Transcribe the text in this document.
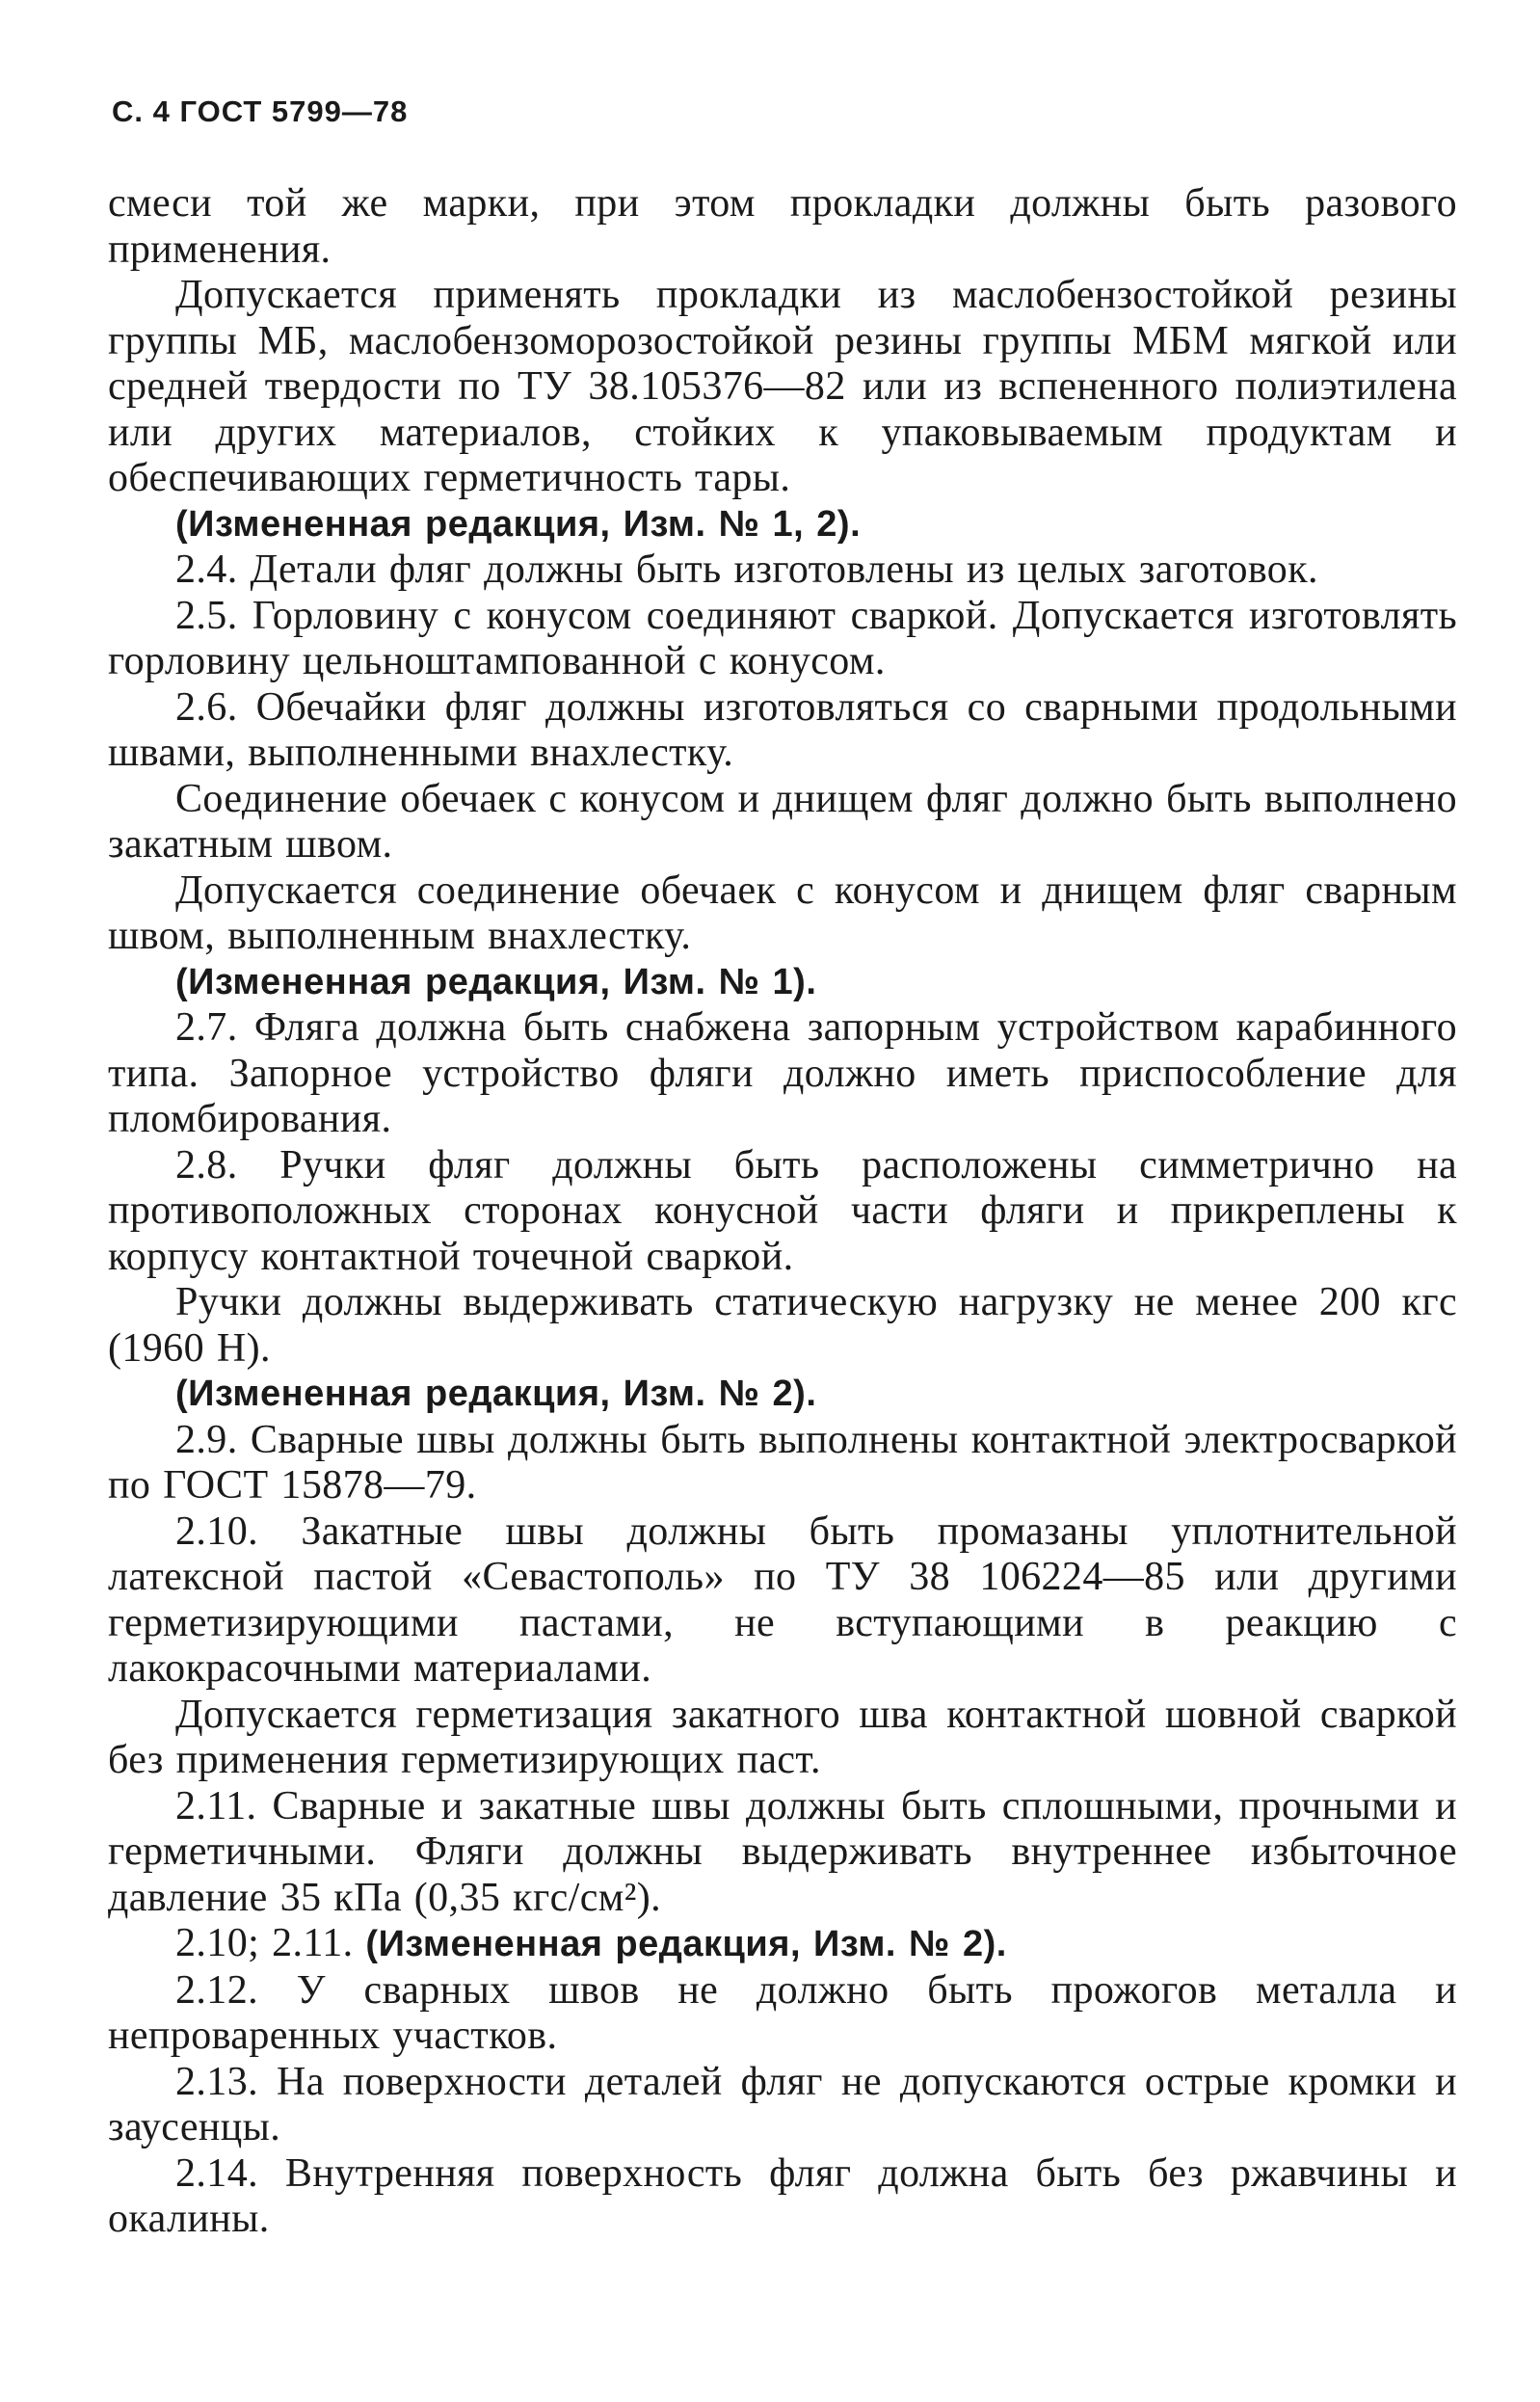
С. 4 ГОСТ 5799—78

смеси той же марки, при этом прокладки должны быть разового применения.

Допускается применять прокладки из маслобензостойкой резины группы МБ, маслобензоморозостойкой резины группы МБМ мягкой или средней твердости по ТУ 38.105376—82 или из вспененного полиэтилена или других материалов, стойких к упаковываемым продуктам и обеспечивающих герметичность тары.

(Измененная редакция, Изм. № 1, 2).

2.4. Детали фляг должны быть изготовлены из целых заготовок.

2.5. Горловину с конусом соединяют сваркой. Допускается изготовлять горловину цельноштампованной с конусом.

2.6. Обечайки фляг должны изготовляться со сварными продольными швами, выполненными внахлестку.

Соединение обечаек с конусом и днищем фляг должно быть выполнено закатным швом.

Допускается соединение обечаек с конусом и днищем фляг сварным швом, выполненным внахлестку.

(Измененная редакция, Изм. № 1).

2.7. Фляга должна быть снабжена запорным устройством карабинного типа. Запорное устройство фляги должно иметь приспособление для пломбирования.

2.8. Ручки фляг должны быть расположены симметрично на противоположных сторонах конусной части фляги и прикреплены к корпусу контактной точечной сваркой.

Ручки должны выдерживать статическую нагрузку не менее 200 кгс (1960 Н).

(Измененная редакция, Изм. № 2).

2.9. Сварные швы должны быть выполнены контактной электросваркой по ГОСТ 15878—79.

2.10. Закатные швы должны быть промазаны уплотнительной латексной пастой «Севастополь» по ТУ 38 106224—85 или другими герметизирующими пастами, не вступающими в реакцию с лакокрасочными материалами.

Допускается герметизация закатного шва контактной шовной сваркой без применения герметизирующих паст.

2.11. Сварные и закатные швы должны быть сплошными, прочными и герметичными. Фляги должны выдерживать внутреннее избыточное давление 35 кПа (0,35 кгс/см²).

2.10; 2.11. (Измененная редакция, Изм. № 2).

2.12. У сварных швов не должно быть прожогов металла и непроваренных участков.

2.13. На поверхности деталей фляг не допускаются острые кромки и заусенцы.

2.14. Внутренняя поверхность фляг должна быть без ржавчины и окалины.
